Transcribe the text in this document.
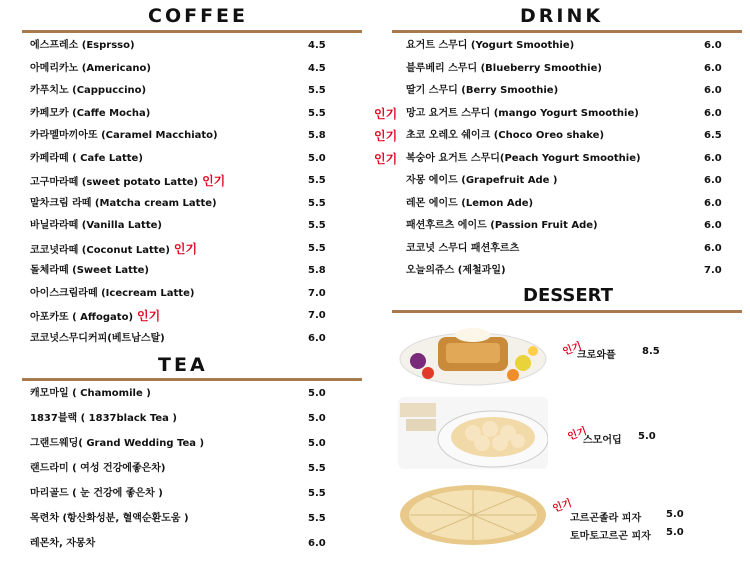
COFFEE
에스프레소 (Esprsso)	4.5
아메리카노 (Americano)	4.5
카푸치노 (Cappuccino)	5.5
카페모카 (Caffe Mocha)	5.5
카라멜마끼아또 (Caramel Macchiato)	5.8
카페라떼 ( Cafe Latte)	5.0
고구마라떼 (sweet potato Latte) 인기	5.5
말차크림 라떼 (Matcha cream Latte)	5.5
바닐라라떼 (Vanilla Latte)	5.5
코코넛라떼 (Coconut Latte) 인기	5.5
돌체라떼 (Sweet Latte)	5.8
아이스크림라떼 (Icecream Latte)	7.0
아포카또 ( Affogato) 인기	7.0
코코넛스무디커피(베트남스탈)	6.0
TEA
캐모마일 ( Chamomile )	5.0
1837블랙 ( 1837black Tea )	5.0
그랜드웨딩( Grand Wedding Tea )	5.0
랜드라미 ( 여성 건강에좋은차)	5.5
마리골드 ( 눈 건강에 좋은차 )	5.5
목련차 (항산화성분, 혈액순환도움 )	5.5
레몬차, 자몽차	6.0
DRINK
요거트 스무디 (Yogurt Smoothie)	6.0
블루베리 스무디 (Blueberry Smoothie)	6.0
딸기 스무디 (Berry Smoothie)	6.0
인기 망고 요거트 스무디 (mango Yogurt Smoothie)	6.0
인기 초코 오레오 쉐이크 (Choco Oreo shake)	6.5
인기 복숭아 요거트 스무디(Peach Yogurt Smoothie)	6.0
자몽 에이드 (Grapefruit Ade )	6.0
레몬 에이드 (Lemon Ade)	6.0
패션후르츠 에이드 (Passion Fruit Ade)	6.0
코코넛 스무디 패션후르츠	6.0
오늘의쥬스 (제철과일)	7.0
DESSERT
인기
크로와플	8.5
인기
스모어딥 5.0
인기
고르곤졸라 피자 5.0
토마토고르곤 피자 5.0
